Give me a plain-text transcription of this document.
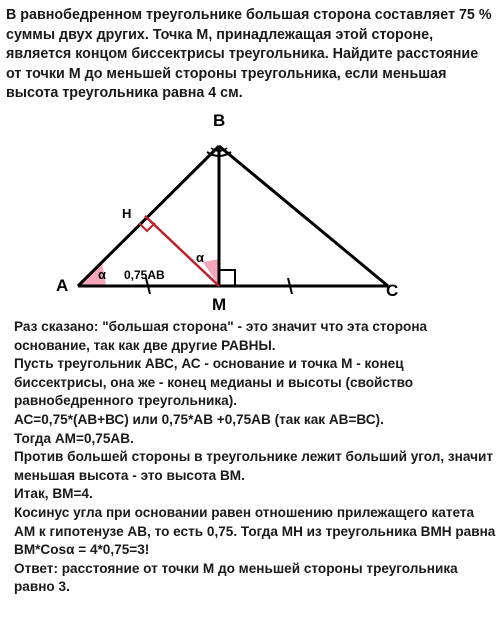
В равнобедренном треугольнике большая сторона составляет 75 % суммы двух других. Точка М, принадлежащая этой стороне, является концом биссектрисы треугольника. Найдите расстояние от точки М до меньшей стороны треугольника, если меньшая высота треугольника равна 4 см.

A
B
C
H
M
α
α
0,75AB

Раз сказано: "большая сторона" - это значит что эта сторона основание, так как две другие РАВНЫ.

Пусть треугольник АВС, АС - основание и точка М - конец биссектрисы, она же - конец медианы и высоты (свойство равнобедренного треугольника).

АС=0,75*(АВ+ВС) или 0,75*АВ +0,75АВ (так как АВ=ВС).

Тогда АМ=0,75АВ.

Против большей стороны в треугольнике лежит больший угол, значит меньшая высота - это высота ВМ.

Итак, ВМ=4.

Косинус угла при основании равен отношению прилежащего катета АМ к гипотенузе АВ, то есть 0,75. Тогда МН из треугольника ВМН равна ВМ*Cosα = 4*0,75=3!

Ответ: расстояние от точки М до меньшей стороны треугольника равно 3.
